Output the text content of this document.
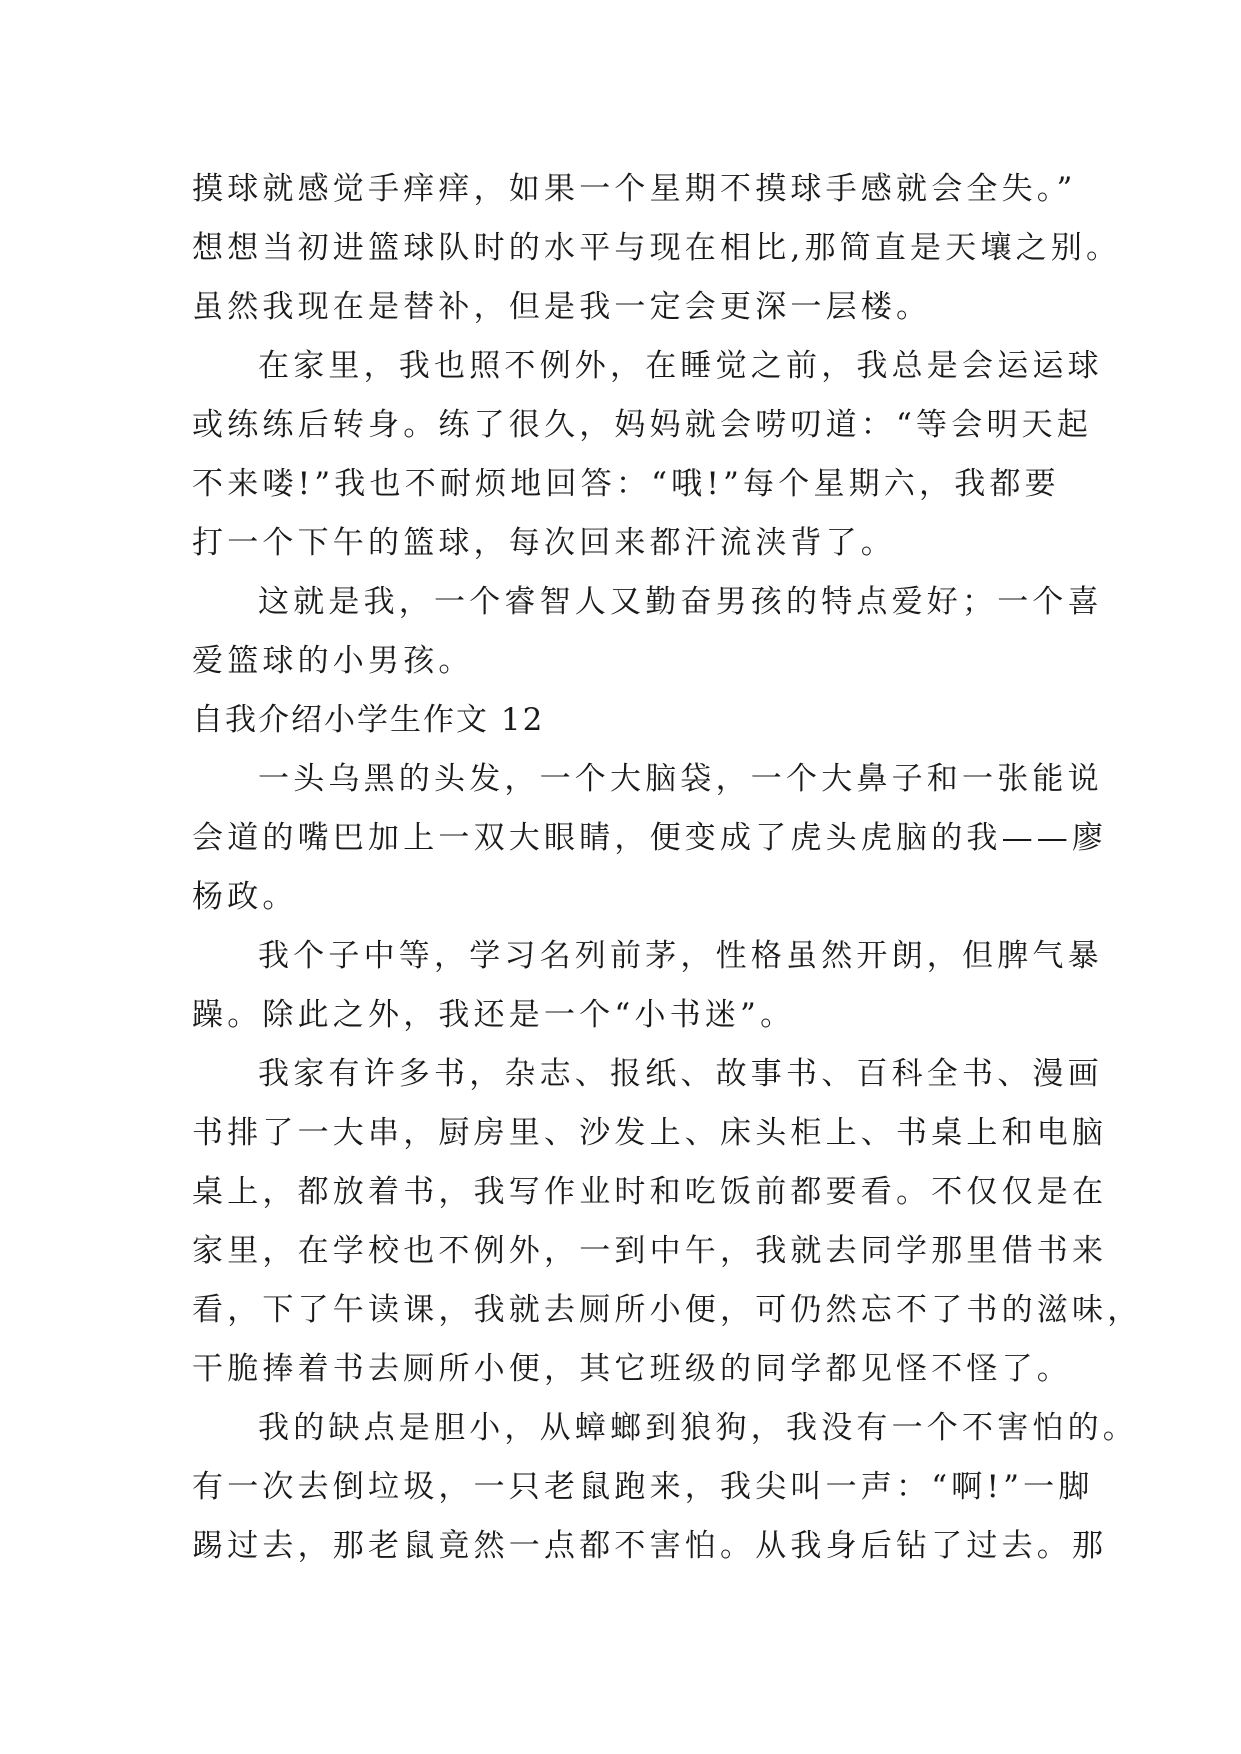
摸球就感觉手痒痒，如果一个星期不摸球手感就会全失。”
想想当初进篮球队时的水平与现在相比,那简直是天壤之别。
虽然我现在是替补，但是我一定会更深一层楼。
在家里，我也照不例外，在睡觉之前，我总是会运运球
或练练后转身。练了很久，妈妈就会唠叨道：“等会明天起
不来喽!”我也不耐烦地回答：“哦!”每个星期六，我都要
打一个下午的篮球，每次回来都汗流浃背了。
这就是我，一个睿智人又勤奋男孩的特点爱好；一个喜
爱篮球的小男孩。
自我介绍小学生作文 12
一头乌黑的头发，一个大脑袋，一个大鼻子和一张能说
会道的嘴巴加上一双大眼睛，便变成了虎头虎脑的我——廖
杨政。
我个子中等，学习名列前茅，性格虽然开朗，但脾气暴
躁。除此之外，我还是一个“小书迷”。
我家有许多书，杂志、报纸、故事书、百科全书、漫画
书排了一大串，厨房里、沙发上、床头柜上、书桌上和电脑
桌上，都放着书，我写作业时和吃饭前都要看。不仅仅是在
家里，在学校也不例外，一到中午，我就去同学那里借书来
看，下了午读课，我就去厕所小便，可仍然忘不了书的滋味，
干脆捧着书去厕所小便，其它班级的同学都见怪不怪了。
我的缺点是胆小，从蟑螂到狼狗，我没有一个不害怕的。
有一次去倒垃圾，一只老鼠跑来，我尖叫一声：“啊!”一脚
踢过去，那老鼠竟然一点都不害怕。从我身后钻了过去。那
